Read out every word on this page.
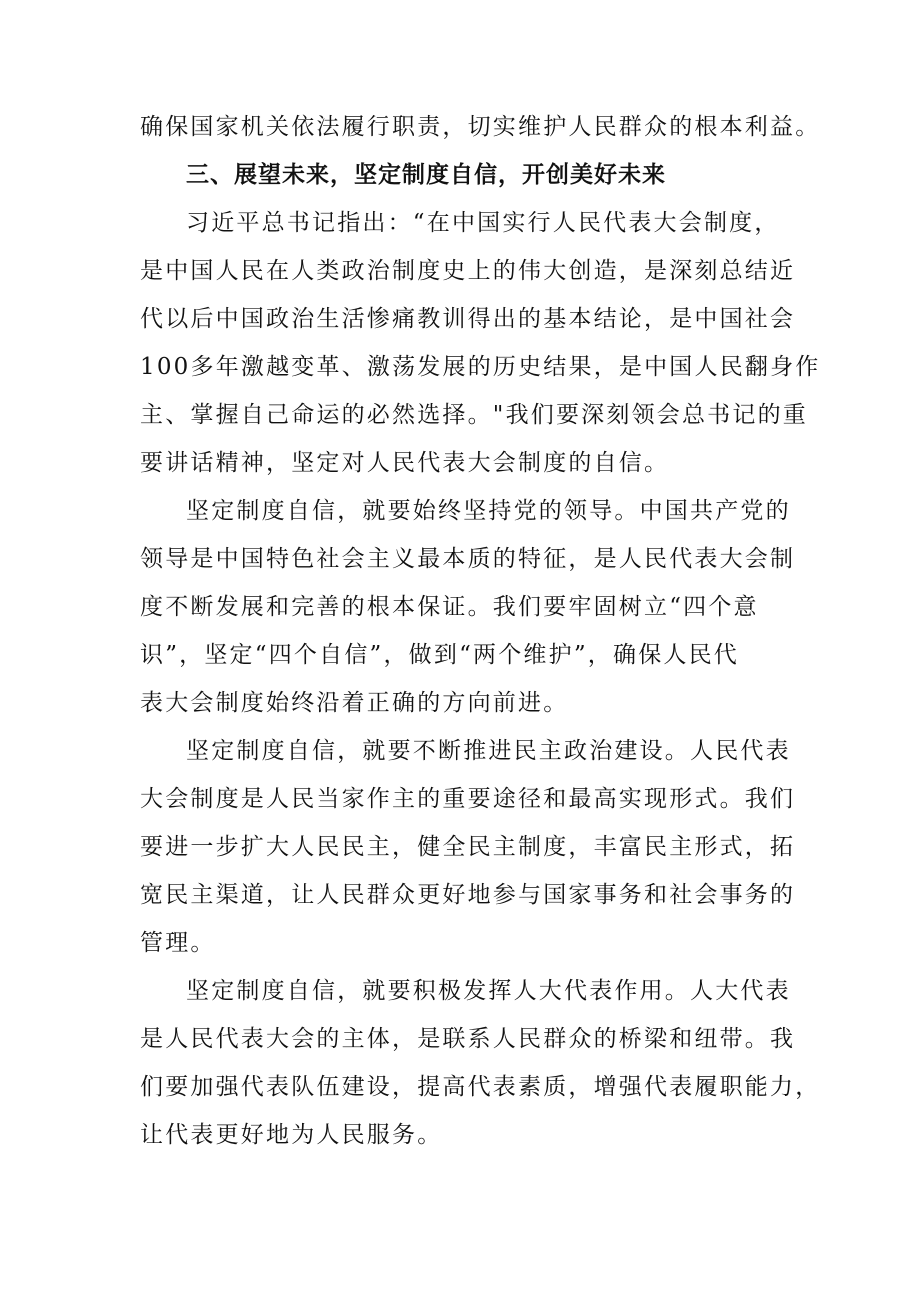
确保国家机关依法履行职责，切实维护人民群众的根本利益。
三、展望未来，坚定制度自信，开创美好未来
习近平总书记指出：“在中国实行人民代表大会制度，
是中国人民在人类政治制度史上的伟大创造，是深刻总结近
代以后中国政治生活惨痛教训得出的基本结论，是中国社会
100多年激越变革、激荡发展的历史结果，是中国人民翻身作
主、掌握自己命运的必然选择。"我们要深刻领会总书记的重
要讲话精神，坚定对人民代表大会制度的自信。
坚定制度自信，就要始终坚持党的领导。中国共产党的
领导是中国特色社会主义最本质的特征，是人民代表大会制
度不断发展和完善的根本保证。我们要牢固树立“四个意
识”，坚定“四个自信”，做到“两个维护”，确保人民代
表大会制度始终沿着正确的方向前进。
坚定制度自信，就要不断推进民主政治建设。人民代表
大会制度是人民当家作主的重要途径和最高实现形式。我们
要进一步扩大人民民主，健全民主制度，丰富民主形式，拓
宽民主渠道，让人民群众更好地参与国家事务和社会事务的
管理。
坚定制度自信，就要积极发挥人大代表作用。人大代表
是人民代表大会的主体，是联系人民群众的桥梁和纽带。我
们要加强代表队伍建设，提高代表素质，增强代表履职能力，
让代表更好地为人民服务。
